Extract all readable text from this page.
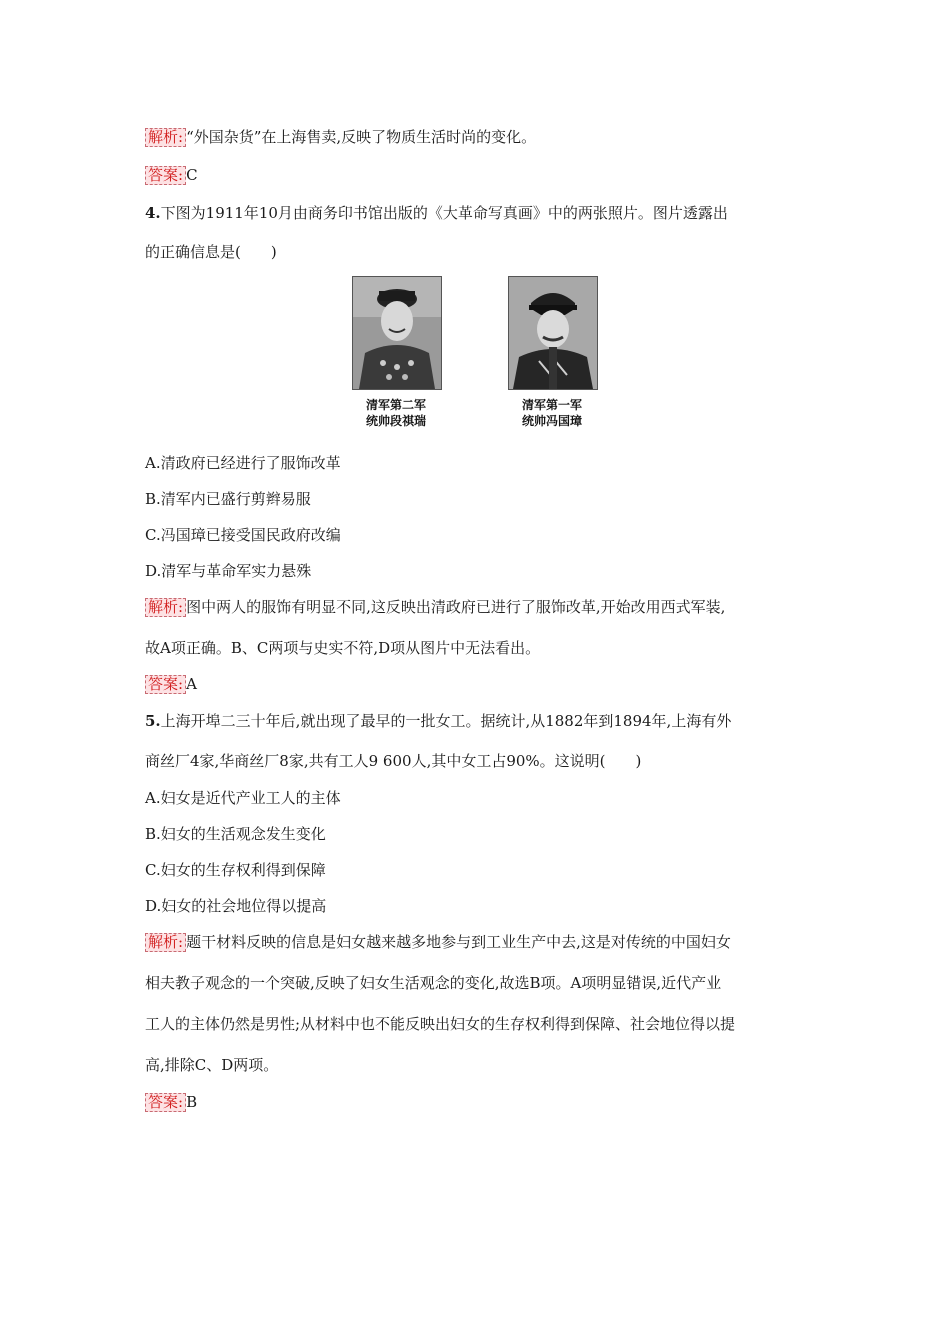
解析: “外国杂货”在上海售卖,反映了物质生活时尚的变化。
答案: C
4.下图为1911年10月由商务印书馆出版的《大革命写真画》中的两张照片。图片透露出
的正确信息是(　　)
清军第二军
统帅段祺瑞
清军第一军
统帅冯国璋
A.清政府已经进行了服饰改革
B.清军内已盛行剪辫易服
C.冯国璋已接受国民政府改编
D.清军与革命军实力悬殊
解析: 图中两人的服饰有明显不同,这反映出清政府已进行了服饰改革,开始改用西式军装,
故A项正确。B、C两项与史实不符,D项从图片中无法看出。
答案: A
5.上海开埠二三十年后,就出现了最早的一批女工。据统计,从1882年到1894年,上海有外
商丝厂4家,华商丝厂8家,共有工人9 600人,其中女工占90%。这说明(　　)
A.妇女是近代产业工人的主体
B.妇女的生活观念发生变化
C.妇女的生存权利得到保障
D.妇女的社会地位得以提高
解析: 题干材料反映的信息是妇女越来越多地参与到工业生产中去,这是对传统的中国妇女
相夫教子观念的一个突破,反映了妇女生活观念的变化,故选B项。A项明显错误,近代产业
工人的主体仍然是男性;从材料中也不能反映出妇女的生存权利得到保障、社会地位得以提
高,排除C、D两项。
答案: B
